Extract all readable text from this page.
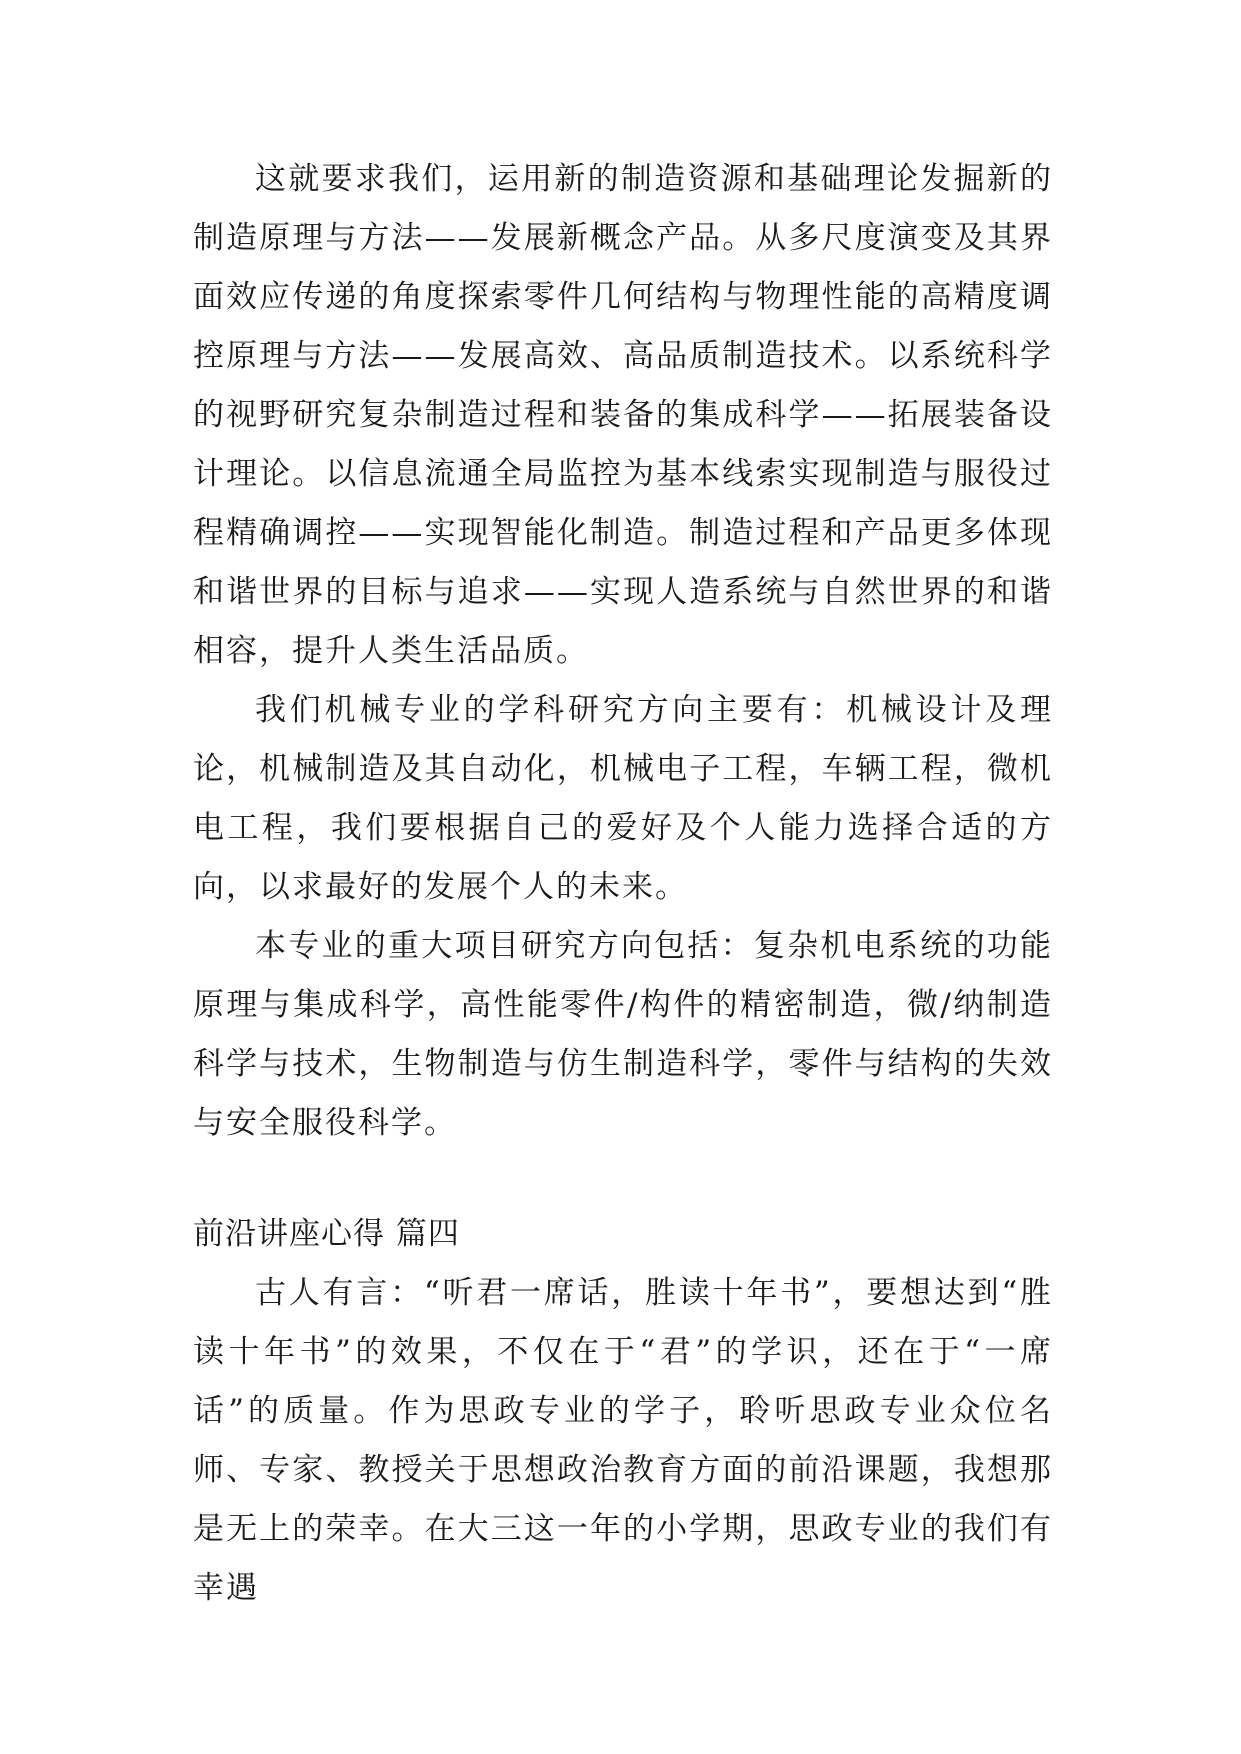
这就要求我们，运用新的制造资源和基础理论发掘新的制造原理与方法——发展新概念产品。从多尺度演变及其界面效应传递的角度探索零件几何结构与物理性能的高精度调控原理与方法——发展高效、高品质制造技术。以系统科学的视野研究复杂制造过程和装备的集成科学——拓展装备设计理论。以信息流通全局监控为基本线索实现制造与服役过程精确调控——实现智能化制造。制造过程和产品更多体现和谐世界的目标与追求——实现人造系统与自然世界的和谐相容，提升人类生活品质。

我们机械专业的学科研究方向主要有：机械设计及理论，机械制造及其自动化，机械电子工程，车辆工程，微机电工程，我们要根据自己的爱好及个人能力选择合适的方向，以求最好的发展个人的未来。

本专业的重大项目研究方向包括：复杂机电系统的功能原理与集成科学，高性能零件/构件的精密制造，微/纳制造科学与技术，生物制造与仿生制造科学，零件与结构的失效与安全服役科学。

前沿讲座心得 篇四

古人有言：“听君一席话，胜读十年书”，要想达到“胜读十年书”的效果，不仅在于“君”的学识，还在于“一席话”的质量。作为思政专业的学子，聆听思政专业众位名师、专家、教授关于思想政治教育方面的前沿课题，我想那是无上的荣幸。在大三这一年的小学期，思政专业的我们有幸遇
